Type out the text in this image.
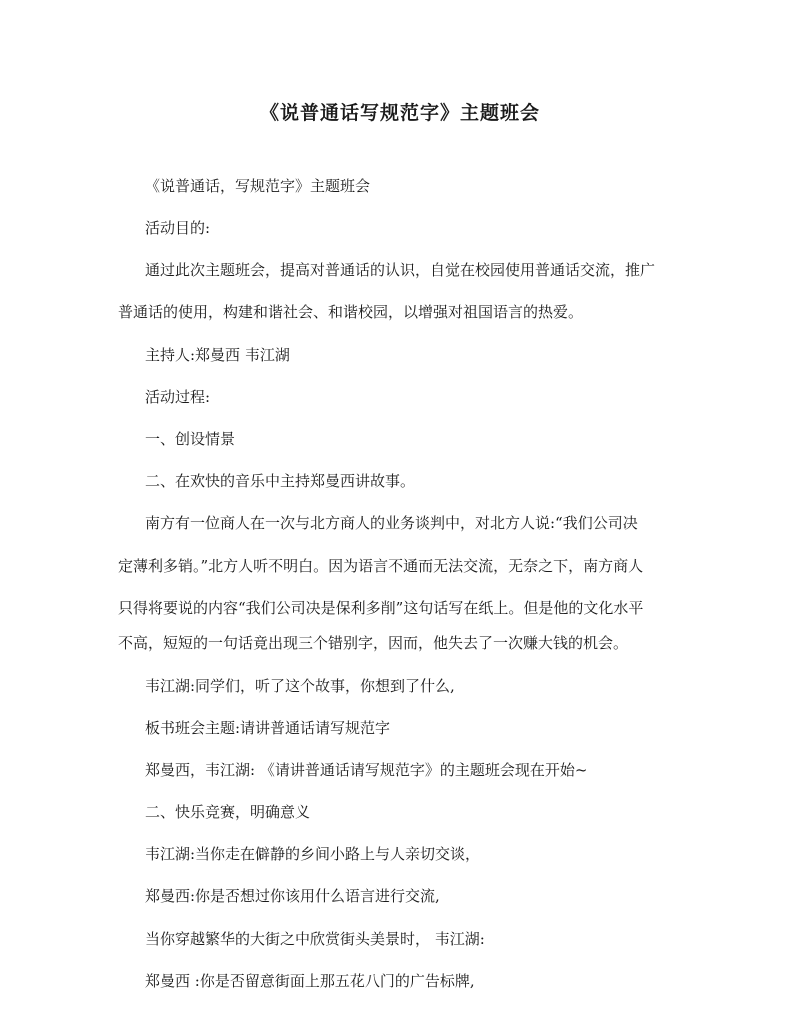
《说普通话写规范字》主题班会
《说普通话，写规范字》主题班会
活动目的:
通过此次主题班会，提高对普通话的认识，自觉在校园使用普通话交流，推广
普通话的使用，构建和谐社会、和谐校园，以增强对祖国语言的热爱。
主持人:郑曼西 韦江湖
活动过程:
一、创设情景
二、在欢快的音乐中主持郑曼西讲故事。
南方有一位商人在一次与北方商人的业务谈判中，对北方人说:“我们公司决
定薄利多销。”北方人听不明白。因为语言不通而无法交流，无奈之下，南方商人
只得将要说的内容“我们公司决是保利多削”这句话写在纸上。但是他的文化水平
不高，短短的一句话竟出现三个错别字，因而，他失去了一次赚大钱的机会。
韦江湖:同学们，听了这个故事，你想到了什么,
板书班会主题:请讲普通话请写规范字
郑曼西，韦江湖: 《请讲普通话请写规范字》的主题班会现在开始~
二、快乐竞赛，明确意义
韦江湖:当你走在僻静的乡间小路上与人亲切交谈，
郑曼西:你是否想过你该用什么语言进行交流,
当你穿越繁华的大街之中欣赏街头美景时， 韦江湖:
郑曼西 :你是否留意街面上那五花八门的广告标牌,
